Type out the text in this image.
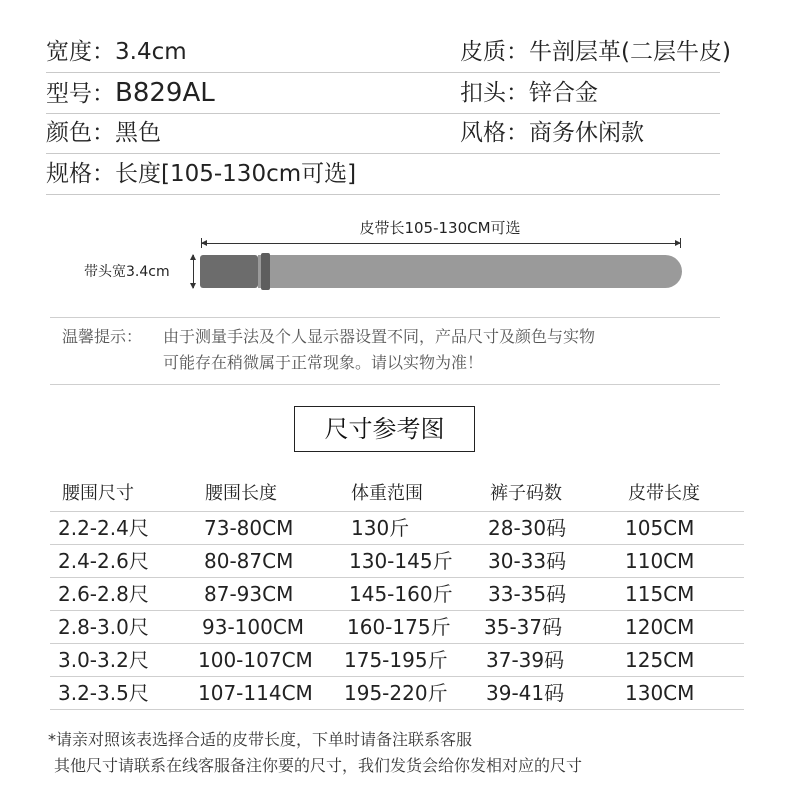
宽度：3.4cm	皮质：牛剖层革(二层牛皮)
型号：B829AL	扣头：锌合金
颜色：黑色	风格：商务休闲款
规格：长度[105-130cm可选]
皮带长105-130CM可选
带头宽3.4cm
温馨提示： 由于测量手法及个人显示器设置不同，产品尺寸及颜色与实物
可能存在稍微属于正常现象。请以实物为准！
尺寸参考图
腰围尺寸	腰围长度	体重范围	裤子码数	皮带长度
2.2-2.4尺	73-80CM	130斤	28-30码	105CM
2.4-2.6尺	80-87CM	130-145斤 30-33码	110CM
2.6-2.8尺	87-93CM	145-160斤 33-35码	115CM
2.8-3.0尺	93-100CM 160-175斤 35-37码	120CM
3.0-3.2尺 100-107CM 175-195斤 37-39码	125CM
3.2-3.5尺 107-114CM 195-220斤 39-41码	130CM
*请亲对照该表选择合适的皮带长度，下单时请备注联系客服
其他尺寸请联系在线客服备注你要的尺寸，我们发货会给你发相对应的尺寸
